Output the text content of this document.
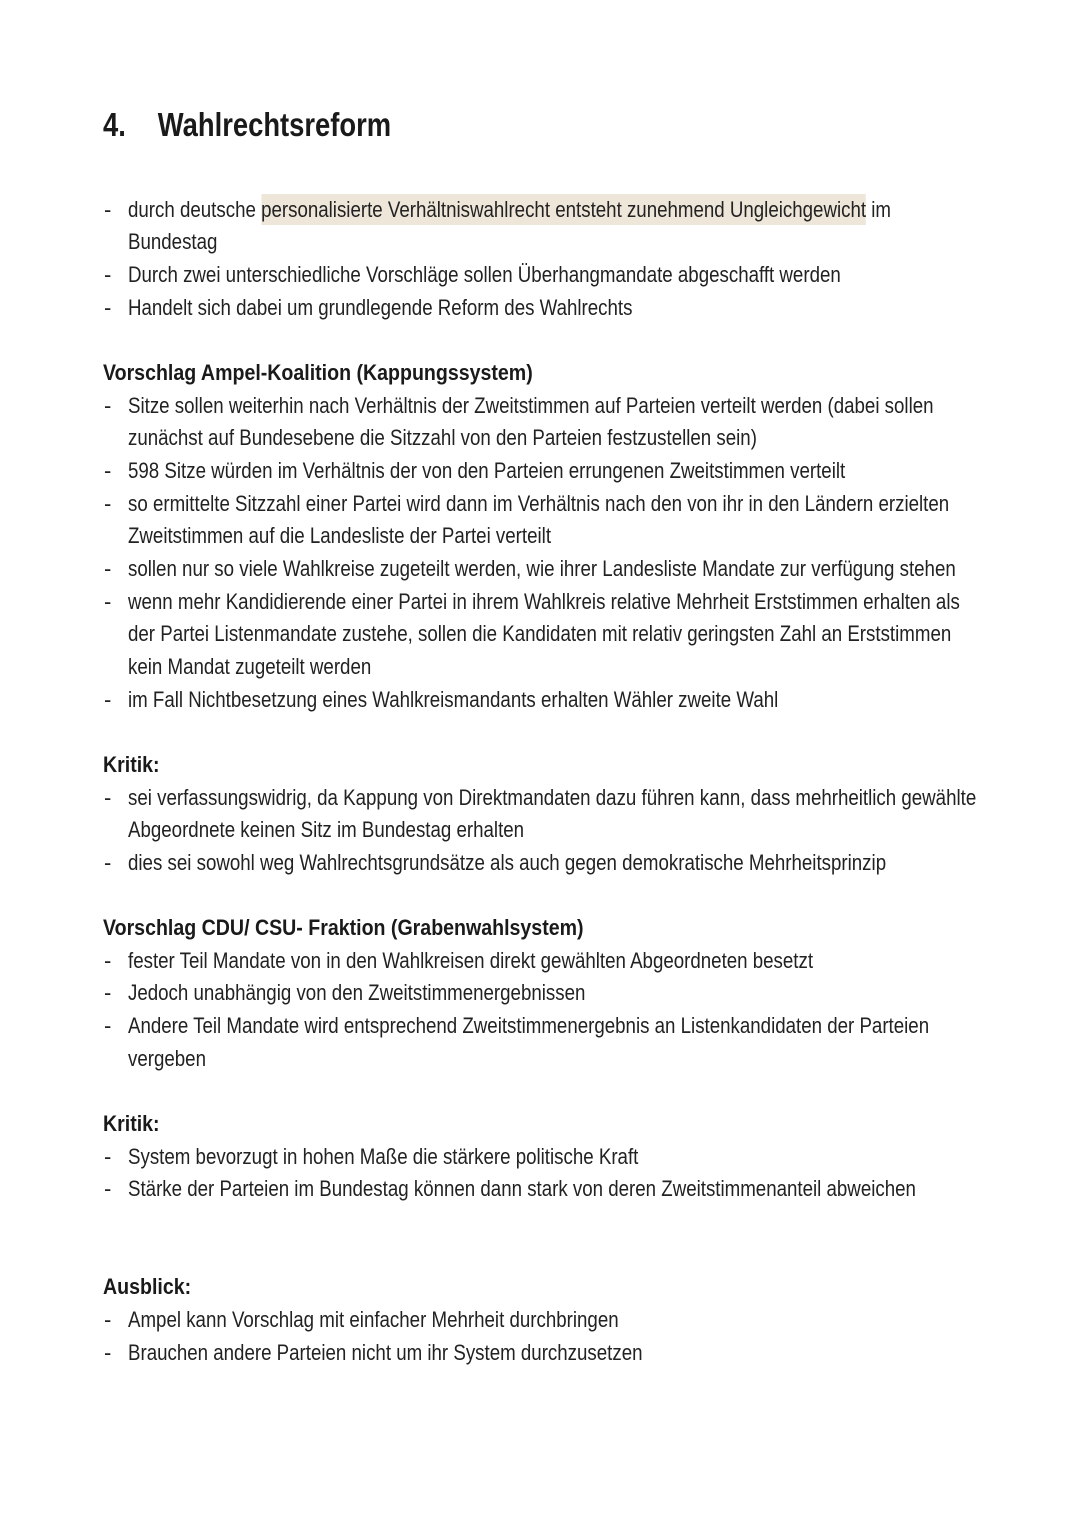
4. Wahlrechtsreform
- durch deutsche personalisierte Verhältniswahlrecht entsteht zunehmend Ungleichgewicht im
Bundestag
- Durch zwei unterschiedliche Vorschläge sollen Überhangmandate abgeschafft werden
- Handelt sich dabei um grundlegende Reform des Wahlrechts
Vorschlag Ampel-Koalition (Kappungssystem)
- Sitze sollen weiterhin nach Verhältnis der Zweitstimmen auf Parteien verteilt werden (dabei sollen
zunächst auf Bundesebene die Sitzzahl von den Parteien festzustellen sein)
- 598 Sitze würden im Verhältnis der von den Parteien errungenen Zweitstimmen verteilt
- so ermittelte Sitzzahl einer Partei wird dann im Verhältnis nach den von ihr in den Ländern erzielten
Zweitstimmen auf die Landesliste der Partei verteilt
- sollen nur so viele Wahlkreise zugeteilt werden, wie ihrer Landesliste Mandate zur verfügung stehen
- wenn mehr Kandidierende einer Partei in ihrem Wahlkreis relative Mehrheit Erststimmen erhalten als
der Partei Listenmandate zustehe, sollen die Kandidaten mit relativ geringsten Zahl an Erststimmen
kein Mandat zugeteilt werden
- im Fall Nichtbesetzung eines Wahlkreismandants erhalten Wähler zweite Wahl
Kritik:
- sei verfassungswidrig, da Kappung von Direktmandaten dazu führen kann, dass mehrheitlich gewählte
Abgeordnete keinen Sitz im Bundestag erhalten
- dies sei sowohl weg Wahlrechtsgrundsätze als auch gegen demokratische Mehrheitsprinzip
Vorschlag CDU/ CSU- Fraktion (Grabenwahlsystem)
- fester Teil Mandate von in den Wahlkreisen direkt gewählten Abgeordneten besetzt
- Jedoch unabhängig von den Zweitstimmenergebnissen
- Andere Teil Mandate wird entsprechend Zweitstimmenergebnis an Listenkandidaten der Parteien
vergeben
Kritik:
- System bevorzugt in hohen Maße die stärkere politische Kraft
- Stärke der Parteien im Bundestag können dann stark von deren Zweitstimmenanteil abweichen
Ausblick:
- Ampel kann Vorschlag mit einfacher Mehrheit durchbringen
- Brauchen andere Parteien nicht um ihr System durchzusetzen
